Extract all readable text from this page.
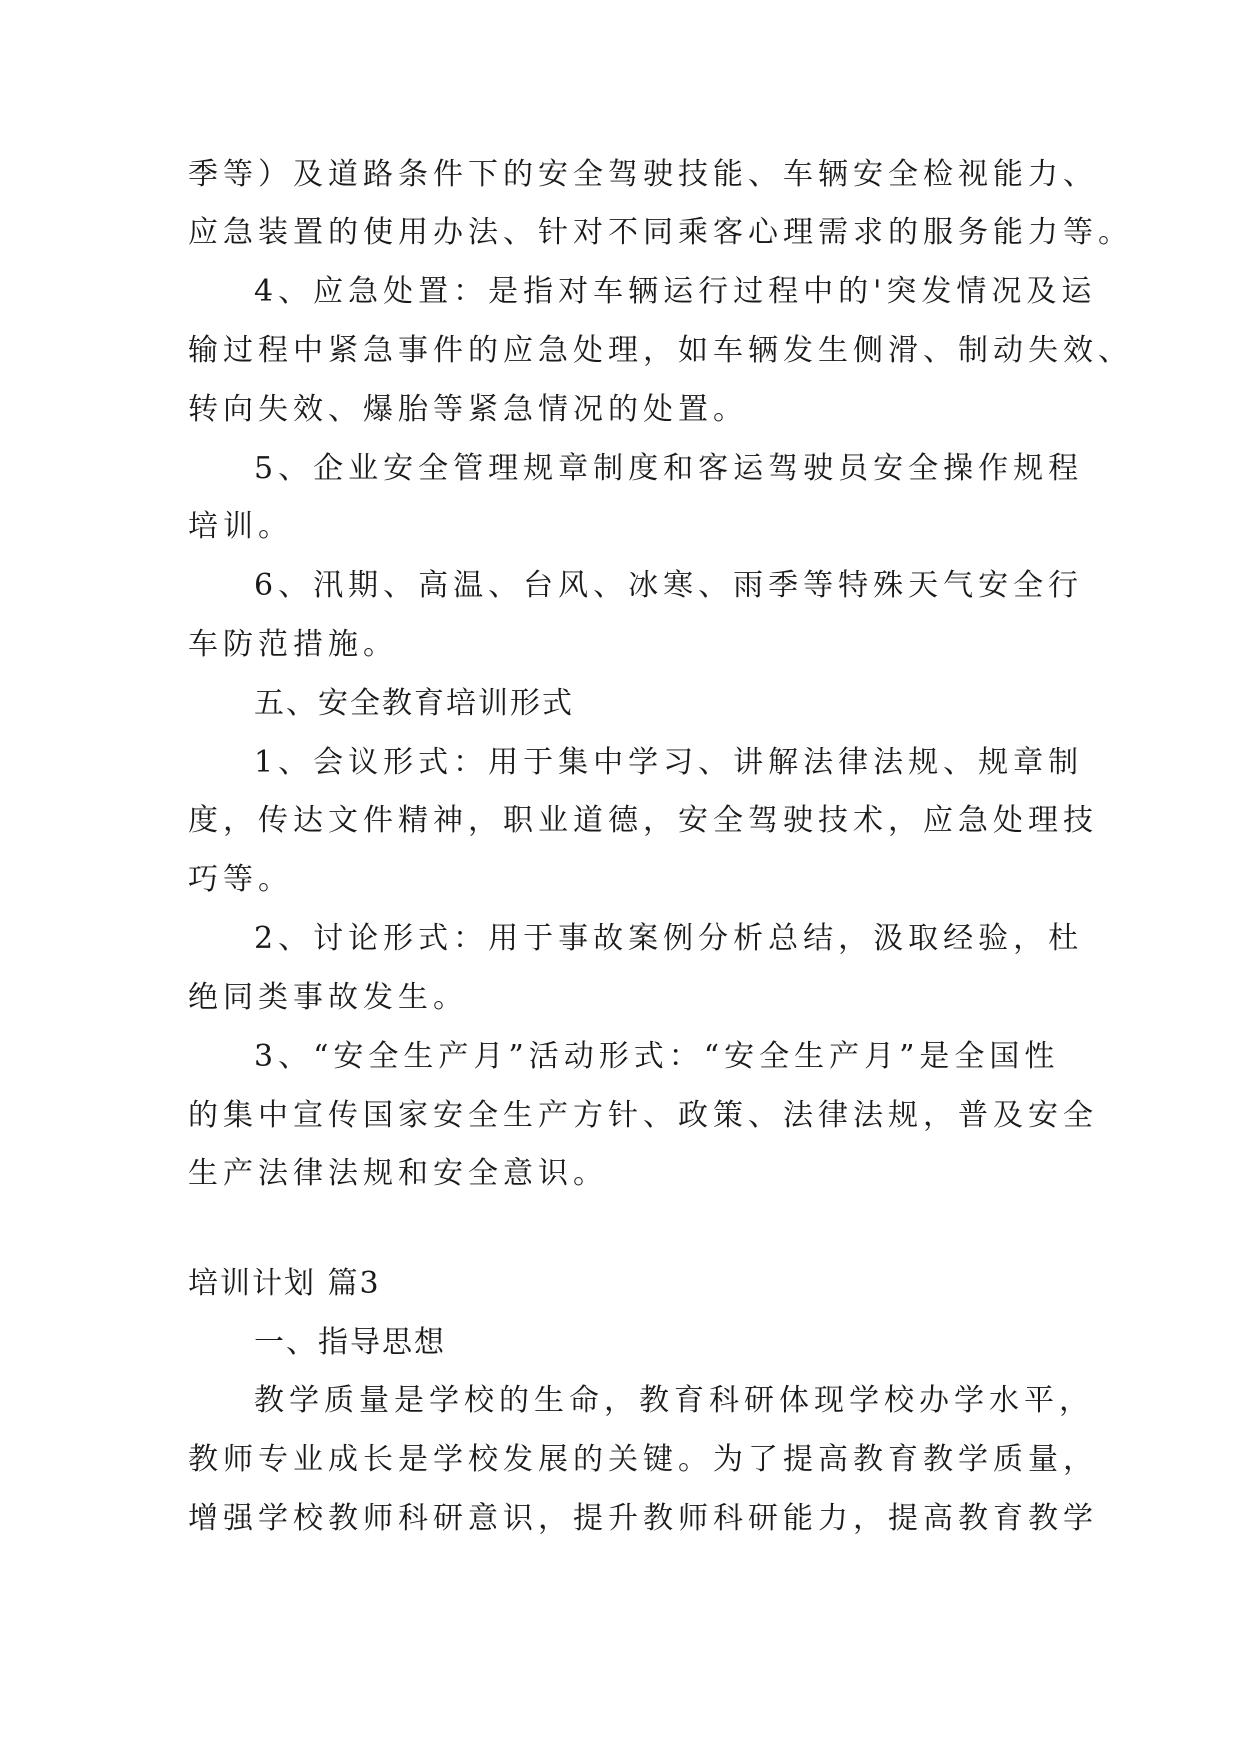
季等）及道路条件下的安全驾驶技能、车辆安全检视能力、
应急装置的使用办法、针对不同乘客心理需求的服务能力等。
4、应急处置：是指对车辆运行过程中的'突发情况及运
输过程中紧急事件的应急处理，如车辆发生侧滑、制动失效、
转向失效、爆胎等紧急情况的处置。
5、企业安全管理规章制度和客运驾驶员安全操作规程
培训。
6、汛期、高温、台风、冰寒、雨季等特殊天气安全行
车防范措施。
五、安全教育培训形式
1、会议形式：用于集中学习、讲解法律法规、规章制
度，传达文件精神，职业道德，安全驾驶技术，应急处理技
巧等。
2、讨论形式：用于事故案例分析总结，汲取经验，杜
绝同类事故发生。
3、“安全生产月”活动形式：“安全生产月”是全国性
的集中宣传国家安全生产方针、政策、法律法规，普及安全
生产法律法规和安全意识。
培训计划 篇3
一、指导思想
教学质量是学校的生命，教育科研体现学校办学水平，
教师专业成长是学校发展的关键。为了提高教育教学质量，
增强学校教师科研意识，提升教师科研能力，提高教育教学
